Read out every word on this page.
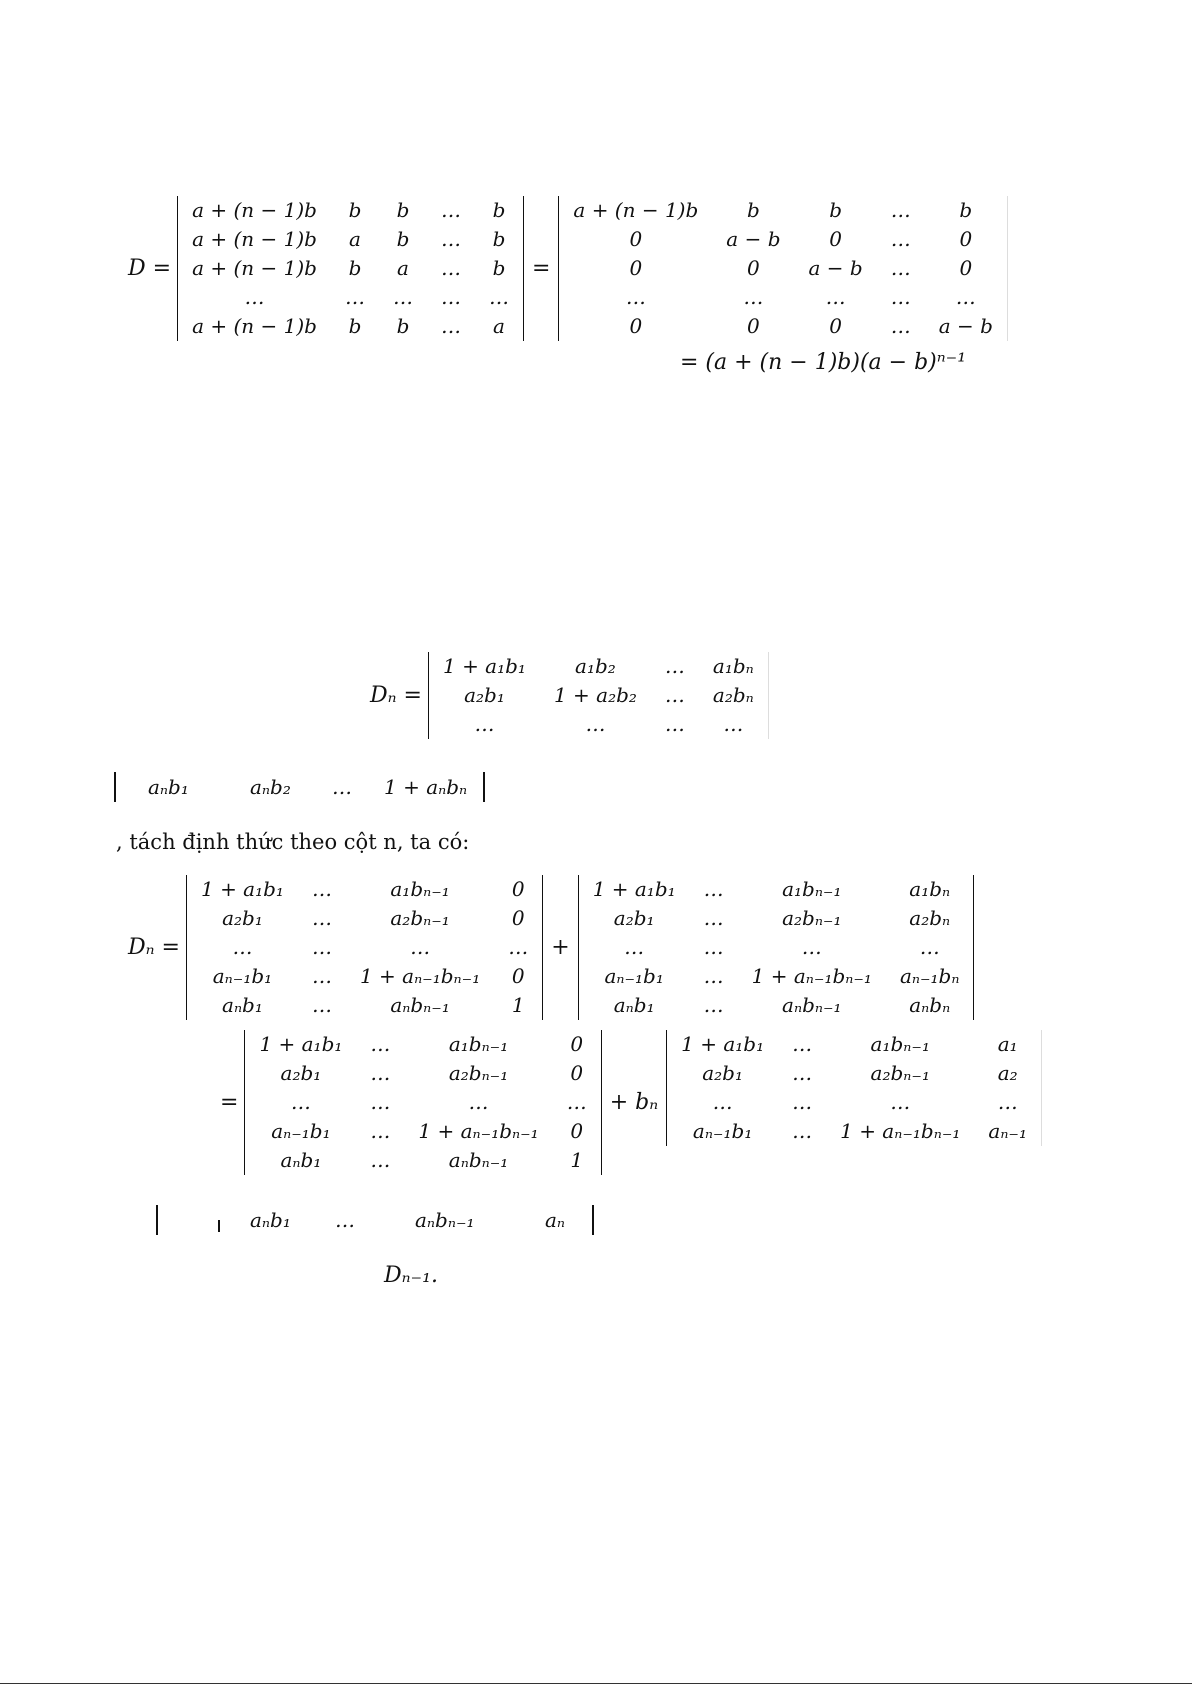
D =
a + (n − 1)b	b	b	…	b
a + (n − 1)b	a	b	…	b
a + (n − 1)b	b	a	…	b
…	…	…	…	…
a + (n − 1)b	b	b	…	a
=
a + (n − 1)b	b	b	…	b
0	a − b	0	…	0
0	0	a − b	…	0
…	…	…	…	…
0	0	0	…	a − b
= (a + (n − 1)b)(a − b)ⁿ⁻¹
Dₙ =
1 + a₁b₁	a₁b₂	…	a₁bₙ
a₂b₁	1 + a₂b₂	…	a₂bₙ
…	…	…	…
aₙb₁	aₙb₂ … 1 + aₙbₙ
, tách định thức theo cột n, ta có:
Dₙ =
1 + a₁b₁	…	a₁bₙ₋₁	0
a₂b₁	…	a₂bₙ₋₁	0
…	…	…	…
aₙ₋₁b₁	…	1 + aₙ₋₁bₙ₋₁	0
aₙb₁	…	aₙbₙ₋₁	1
+
1 + a₁b₁	…	a₁bₙ₋₁	a₁bₙ
a₂b₁	…	a₂bₙ₋₁	a₂bₙ
…	…	…	…
aₙ₋₁b₁	…	1 + aₙ₋₁bₙ₋₁	aₙ₋₁bₙ
aₙb₁	…	aₙbₙ₋₁	aₙbₙ
=
1 + a₁b₁	…	a₁bₙ₋₁	0
a₂b₁	…	a₂bₙ₋₁	0
…	…	…	…
aₙ₋₁b₁	…	1 + aₙ₋₁bₙ₋₁	0
aₙb₁	…	aₙbₙ₋₁	1
+ bₙ
1 + a₁b₁	…	a₁bₙ₋₁	a₁
a₂b₁	…	a₂bₙ₋₁	a₂
…	…	…	…
aₙ₋₁b₁	…	1 + aₙ₋₁bₙ₋₁	aₙ₋₁
aₙb₁ …	aₙbₙ₋₁	aₙ
Dₙ₋₁.
